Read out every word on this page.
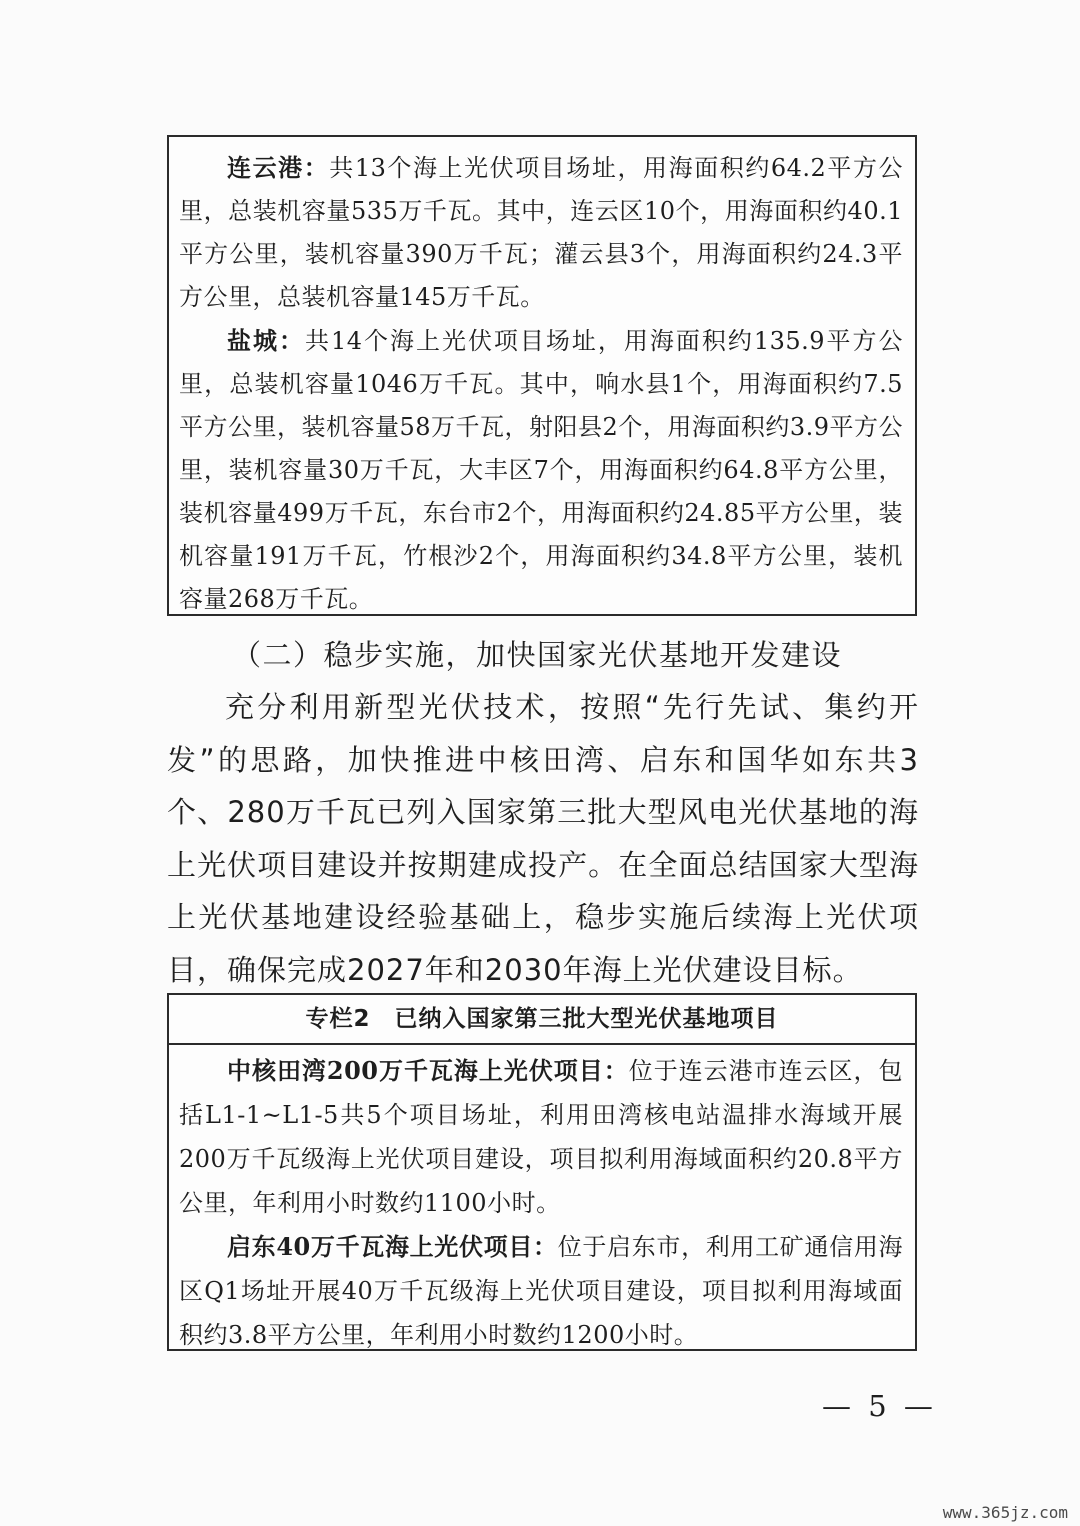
连云港：共13个海上光伏项目场址，用海面积约64.2平方公里，总装机容量535万千瓦。其中，连云区10个，用海面积约40.1平方公里，装机容量390万千瓦；灌云县3个，用海面积约24.3平方公里，总装机容量145万千瓦。

盐城：共14个海上光伏项目场址，用海面积约135.9平方公里，总装机容量1046万千瓦。其中，响水县1个，用海面积约7.5平方公里，装机容量58万千瓦，射阳县2个，用海面积约3.9平方公里，装机容量30万千瓦，大丰区7个，用海面积约64.8平方公里，装机容量499万千瓦，东台市2个，用海面积约24.85平方公里，装机容量191万千瓦，竹根沙2个，用海面积约34.8平方公里，装机容量268万千瓦。

（二）稳步实施，加快国家光伏基地开发建设

充分利用新型光伏技术，按照“先行先试、集约开发”的思路，加快推进中核田湾、启东和国华如东共3个、280万千瓦已列入国家第三批大型风电光伏基地的海上光伏项目建设并按期建成投产。在全面总结国家大型海上光伏基地建设经验基础上，稳步实施后续海上光伏项目，确保完成2027年和2030年海上光伏建设目标。

专栏2　已纳入国家第三批大型光伏基地项目

中核田湾200万千瓦海上光伏项目：位于连云港市连云区，包括L1-1~L1-5共5个项目场址，利用田湾核电站温排水海域开展200万千瓦级海上光伏项目建设，项目拟利用海域面积约20.8平方公里，年利用小时数约1100小时。

启东40万千瓦海上光伏项目：位于启东市，利用工矿通信用海区Q1场址开展40万千瓦级海上光伏项目建设，项目拟利用海域面积约3.8平方公里，年利用小时数约1200小时。

— 5 —
www.365jz.com
